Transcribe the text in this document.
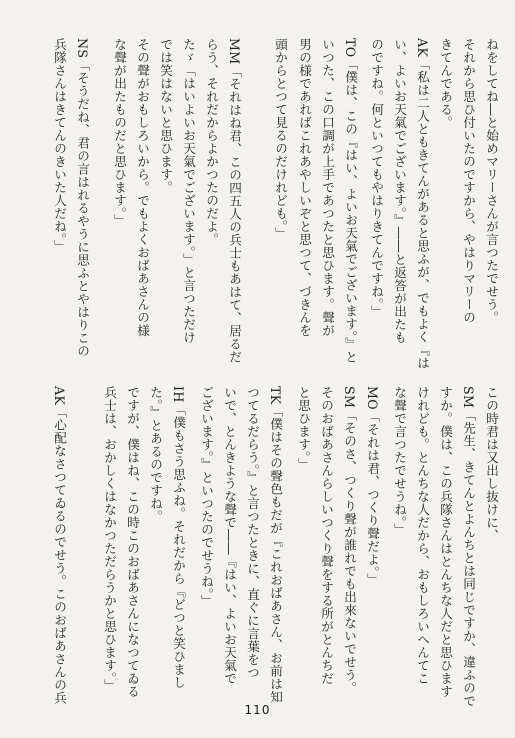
ねをしてね―と始めマリーさんが言つたでせう。
それから思ひ付いたのですから、やはりマリーの
きてんである。
AK「私は二人ともきてんがあると思ふが、でもよく『は
い、よいお天氣でございます。』――と返答が出たも
のですね。何といつてもやはりきてんですね。」
TO「僕は、この『はい、よいお天氣でございます。』と
いつた、この口調が上手であつたと思ひます。聲が
男の様であればこれあやしいぞと思つて、づきんを
頭からとつて見るのだけれども。」
MM「それはね君、この四五人の兵士もあはて、居るだ
らう、それだからよかつたのだよ。
たゞ「はいよいお天氣でございます。」と言つただけ
では笑はないと思ひます。
その聲がおもしろいから。でもよくおばあさんの様
な聲が出たものだと思ひます。」
NS「そうだね、君の言はれるやうに思ふとやはりこの
兵隊さんはきてんのきいた人だね。」
この時君は又出し抜けに、
SM「先生、きてんとよんちとは同じですか、違ふので
すか。僕は、この兵隊さんはとんちな人だと思ひます
けれども。とんちな人だから、おもしろいへんてこ
な聲で言つたでせうね。」
MO「それは君、つくり聲だよ。」
SM「そのさ、つくり聲が誰れでも出來ないでせう。
そのおばあさんらしいつくり聲をする所がとんちだ
と思ひます。」
TK「僕はその聲色もだが『これおばあさん、お前は知
つてるだらう。』と言つたときに、直ぐに言葉をつ
いで、とんきような聲で――『はい、よいお天氣で
ございます。』といつたのでせうね。」
IH「僕もさう思ふね。それだから『どつと笑ひまし
た。』とあるのですね。
ですが、僕はね、この時このおばあさんになつてゐる
兵士は、おかしくはなかつただらうかと思ひます。」
AK「心配なさつてゐるのでせう。このおばあさんの兵
110
